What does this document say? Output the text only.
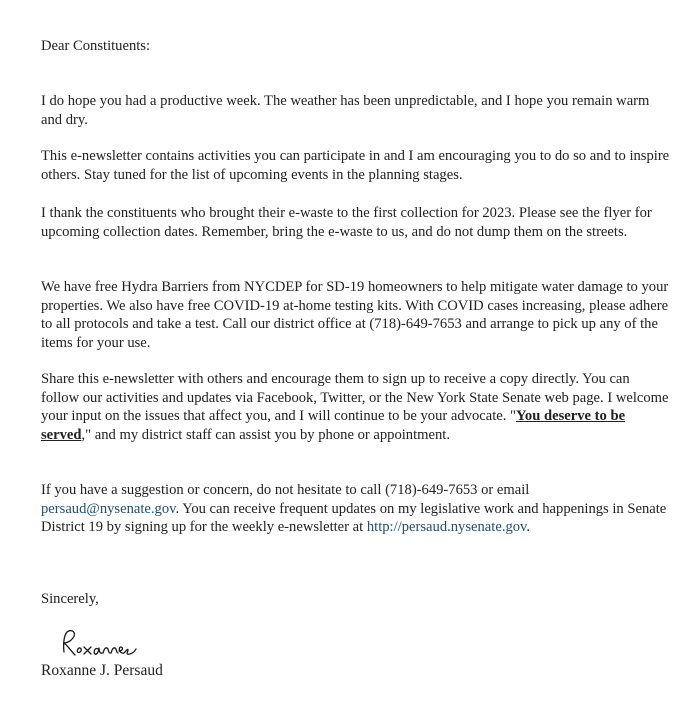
Dear Constituents:

I do hope you had a productive week. The weather has been unpredictable, and I hope you remain warm and dry.

This e-newsletter contains activities you can participate in and I am encouraging you to do so and to inspire others. Stay tuned for the list of upcoming events in the planning stages.

I thank the constituents who brought their e-waste to the first collection for 2023. Please see the flyer for upcoming collection dates. Remember, bring the e-waste to us, and do not dump them on the streets.

We have free Hydra Barriers from NYCDEP for SD-19 homeowners to help mitigate water damage to your properties. We also have free COVID-19 at-home testing kits. With COVID cases increasing, please adhere to all protocols and take a test. Call our district office at (718)-649-7653 and arrange to pick up any of the items for your use.

Share this e-newsletter with others and encourage them to sign up to receive a copy directly. You can follow our activities and updates via Facebook, Twitter, or the New York State Senate web page. I welcome your input on the issues that affect you, and I will continue to be your advocate. "You deserve to be served," and my district staff can assist you by phone or appointment.

If you have a suggestion or concern, do not hesitate to call (718)-649-7653 or email persaud@nysenate.gov. You can receive frequent updates on my legislative work and happenings in Senate District 19 by signing up for the weekly e-newsletter at http://persaud.nysenate.gov.

Sincerely,

Roxanne J. Persaud
